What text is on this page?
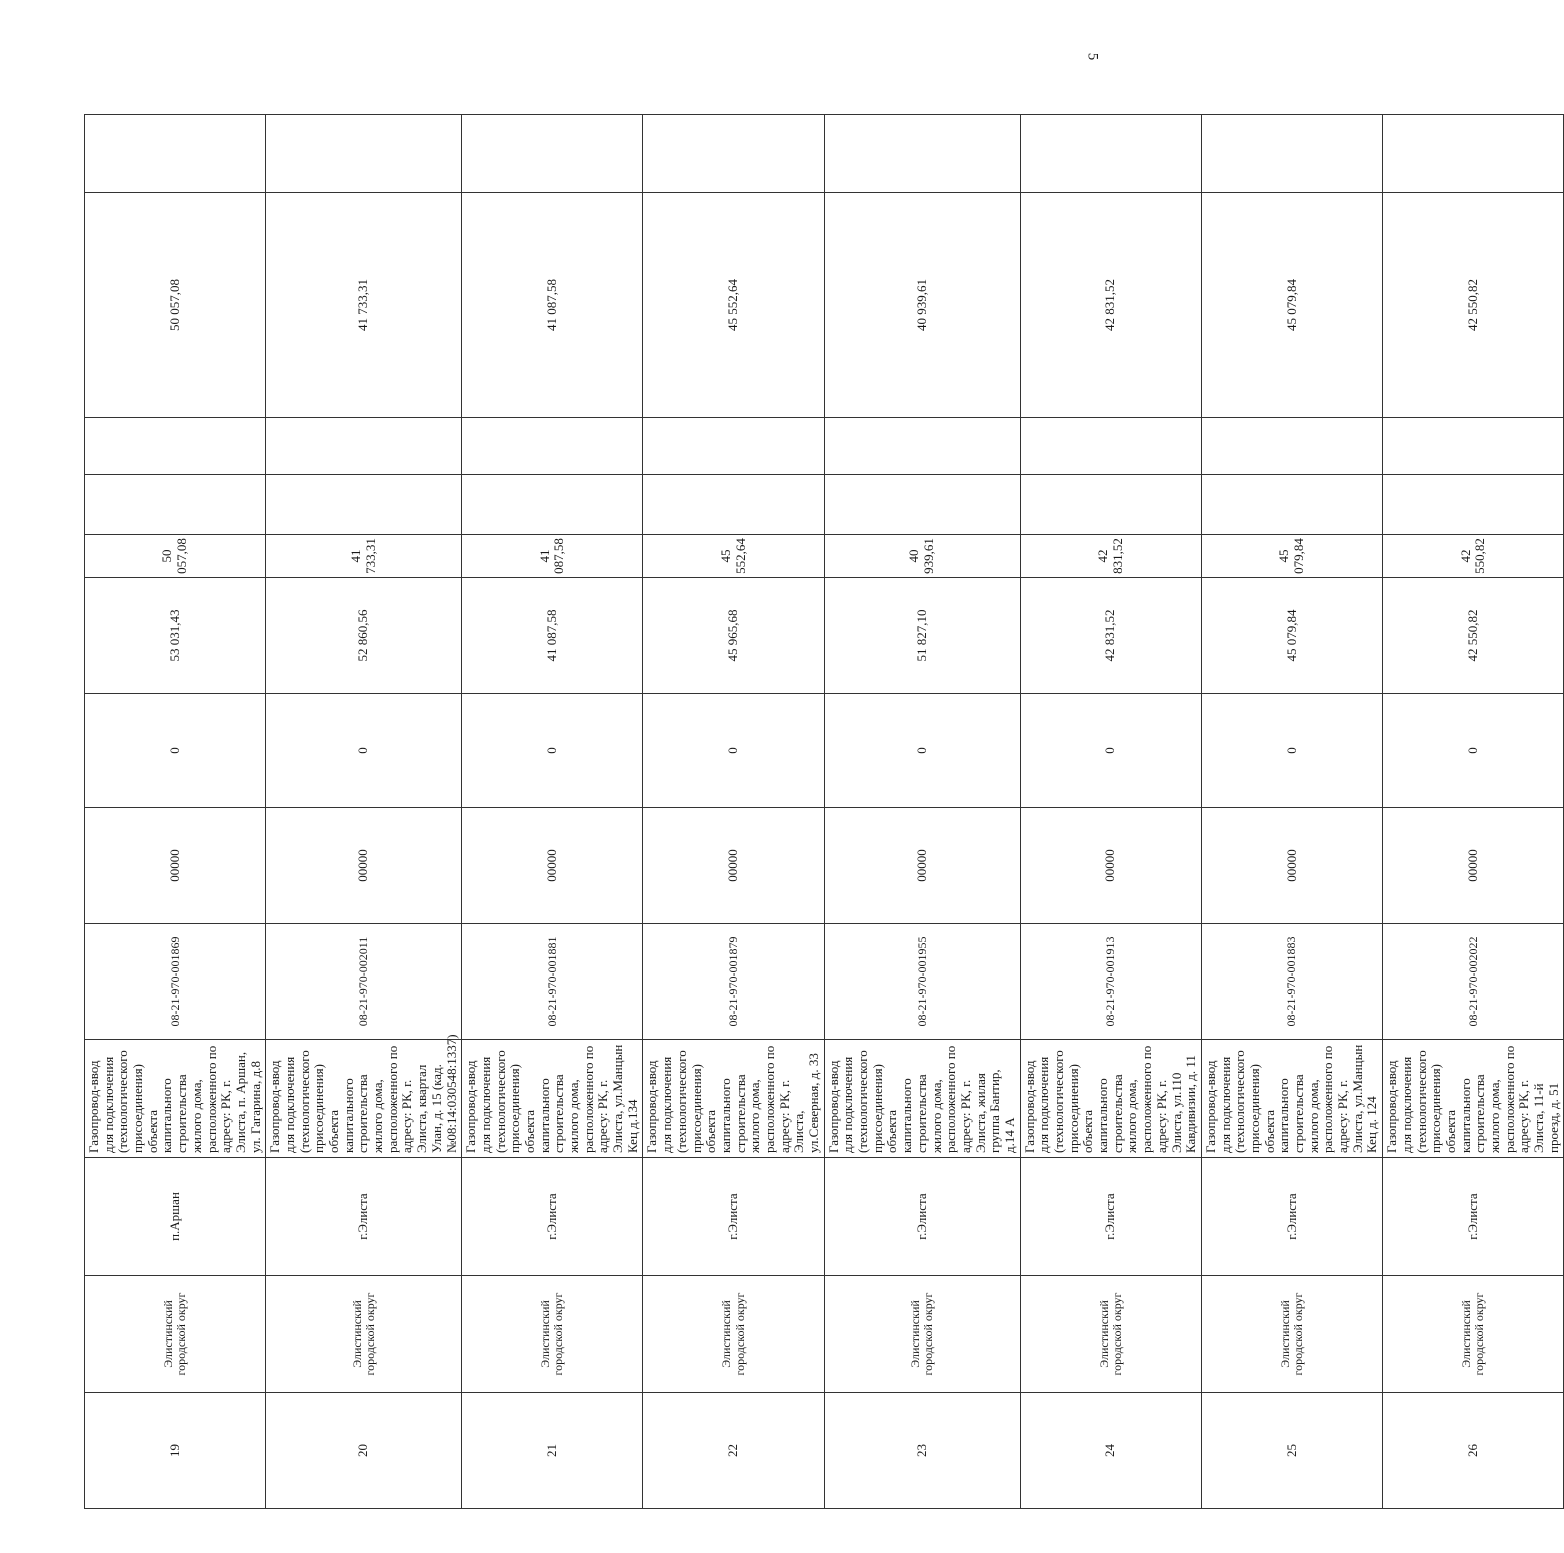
5
19	Элистинский городской округ	п.Аршан	Газопровод-ввод для подключения (технологического присоединения) объекта капитального строительства жилого дома, расположенного по адресу: РК, г. Элиста, п. Аршан, ул. Гагарина, д.8	08-21-970-001869	00000	0	53 031,43	50 057,08			50 057,08	
20	Элистинский городской округ	г.Элиста	Газопровод-ввод для подключения (технологического присоединения) объекта капитального строительства жилого дома, расположенного по адресу: РК, г. Элиста, квартал Улан, д. 15 (кад. №08:14:030548:1337)	08-21-970-002011	00000	0	52 860,56	41 733,31			41 733,31	
21	Элистинский городской округ	г.Элиста	Газопровод-ввод для подключения (технологического присоединения) объекта капитального строительства жилого дома, расположенного по адресу: РК, г. Элиста, ул.Манцын Кец д.134	08-21-970-001881	00000	0	41 087,58	41 087,58			41 087,58	
22	Элистинский городской округ	г.Элиста	Газопровод-ввод для подключения (технологического присоединения) объекта капитального строительства жилого дома, расположенного по адресу: РК, г. Элиста, ул.Северная, д. 33	08-21-970-001879	00000	0	45 965,68	45 552,64			45 552,64	
23	Элистинский городской округ	г.Элиста	Газопровод-ввод для подключения (технологического присоединения) объекта капитального строительства жилого дома, расположенного по адресу: РК, г. Элиста, жилая группа Бантир, д.14 А	08-21-970-001955	00000	0	51 827,10	40 939,61			40 939,61	
24	Элистинский городской округ	г.Элиста	Газопровод-ввод для подключения (технологического присоединения) объекта капитального строительства жилого дома, расположенного по адресу: РК, г. Элиста, ул.110 Кавдивизии, д. 11	08-21-970-001913	00000	0	42 831,52	42 831,52			42 831,52	
25	Элистинский городской округ	г.Элиста	Газопровод-ввод для подключения (технологического присоединения) объекта капитального строительства жилого дома, расположенного по адресу: РК, г. Элиста, ул.Манцын Кец д. 124	08-21-970-001883	00000	0	45 079,84	45 079,84			45 079,84	
26	Элистинский городской округ	г.Элиста	Газопровод-ввод для подключения (технологического присоединения) объекта капитального строительства жилого дома, расположенного по адресу: РК, г. Элиста, 11-й проезд, д. 51	08-21-970-002022	00000	0	42 550,82	42 550,82			42 550,82	
